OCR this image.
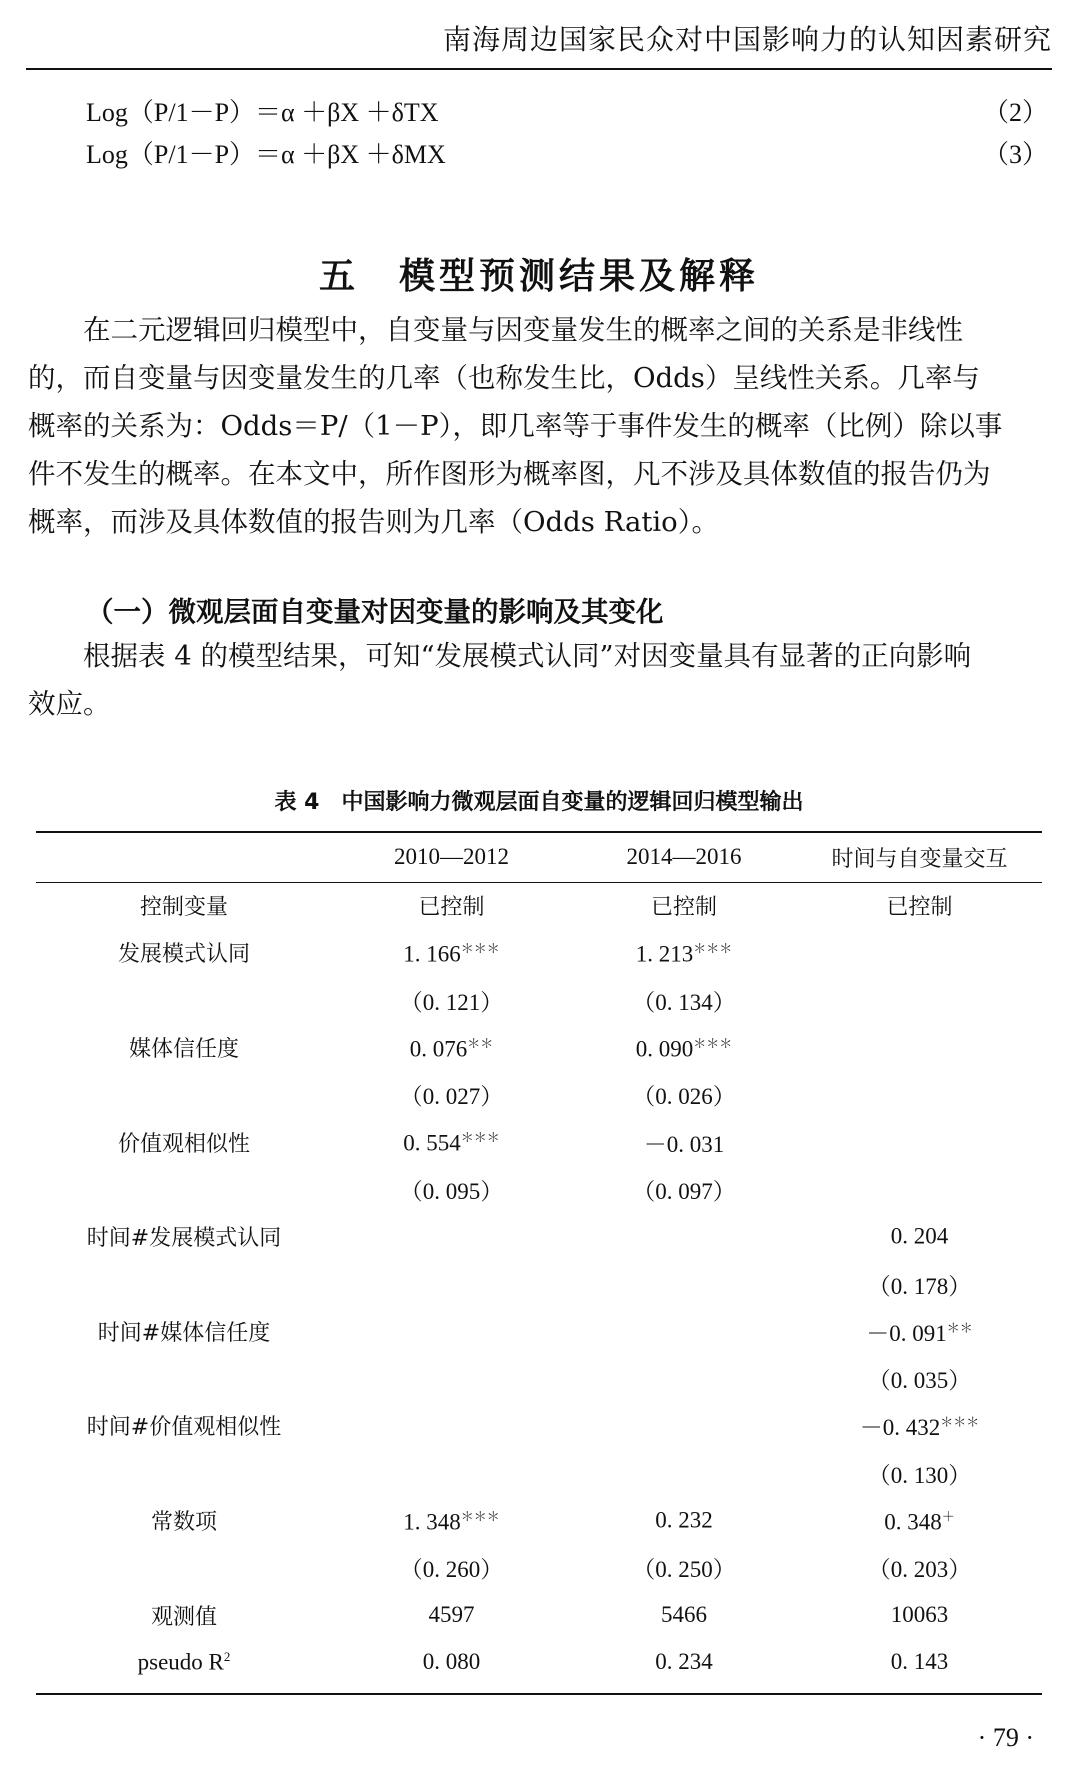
南海周边国家民众对中国影响力的认知因素研究
Log（P/1－P）＝α ＋βX ＋δTX	（2）
Log（P/1－P）＝α ＋βX ＋δMX	（3）
五　模型预测结果及解释
　　在二元逻辑回归模型中，自变量与因变量发生的概率之间的关系是非线性
的，而自变量与因变量发生的几率（也称发生比，Odds）呈线性关系。几率与
概率的关系为：Odds＝P/（1－P），即几率等于事件发生的概率（比例）除以事
件不发生的概率。在本文中，所作图形为概率图，凡不涉及具体数值的报告仍为
概率，而涉及具体数值的报告则为几率（Odds Ratio）。
（一）微观层面自变量对因变量的影响及其变化
　　根据表 4 的模型结果，可知“发展模式认同”对因变量具有显著的正向影响
效应。
表 4　中国影响力微观层面自变量的逻辑回归模型输出
	2010—2012	2014—2016	时间与自变量交互
控制变量	已控制	已控制	已控制
发展模式认同	1. 166＊＊＊	1. 213＊＊＊	
	（0. 121）	（0. 134）	
媒体信任度	0. 076＊＊	0. 090＊＊＊	
	（0. 027）	（0. 026）	
价值观相似性	0. 554＊＊＊	－0. 031	
	（0. 095）	（0. 097）	
时间#发展模式认同			0. 204
			（0. 178）
时间#媒体信任度			－0. 091＊＊
			（0. 035）
时间#价值观相似性			－0. 432＊＊＊
			（0. 130）
常数项	1. 348＊＊＊	0. 232	0. 348＋
	（0. 260）	（0. 250）	（0. 203）
观测值	4597	5466	10063
pseudo $R^2$	0. 080	0. 234	0. 143
· 79 ·
